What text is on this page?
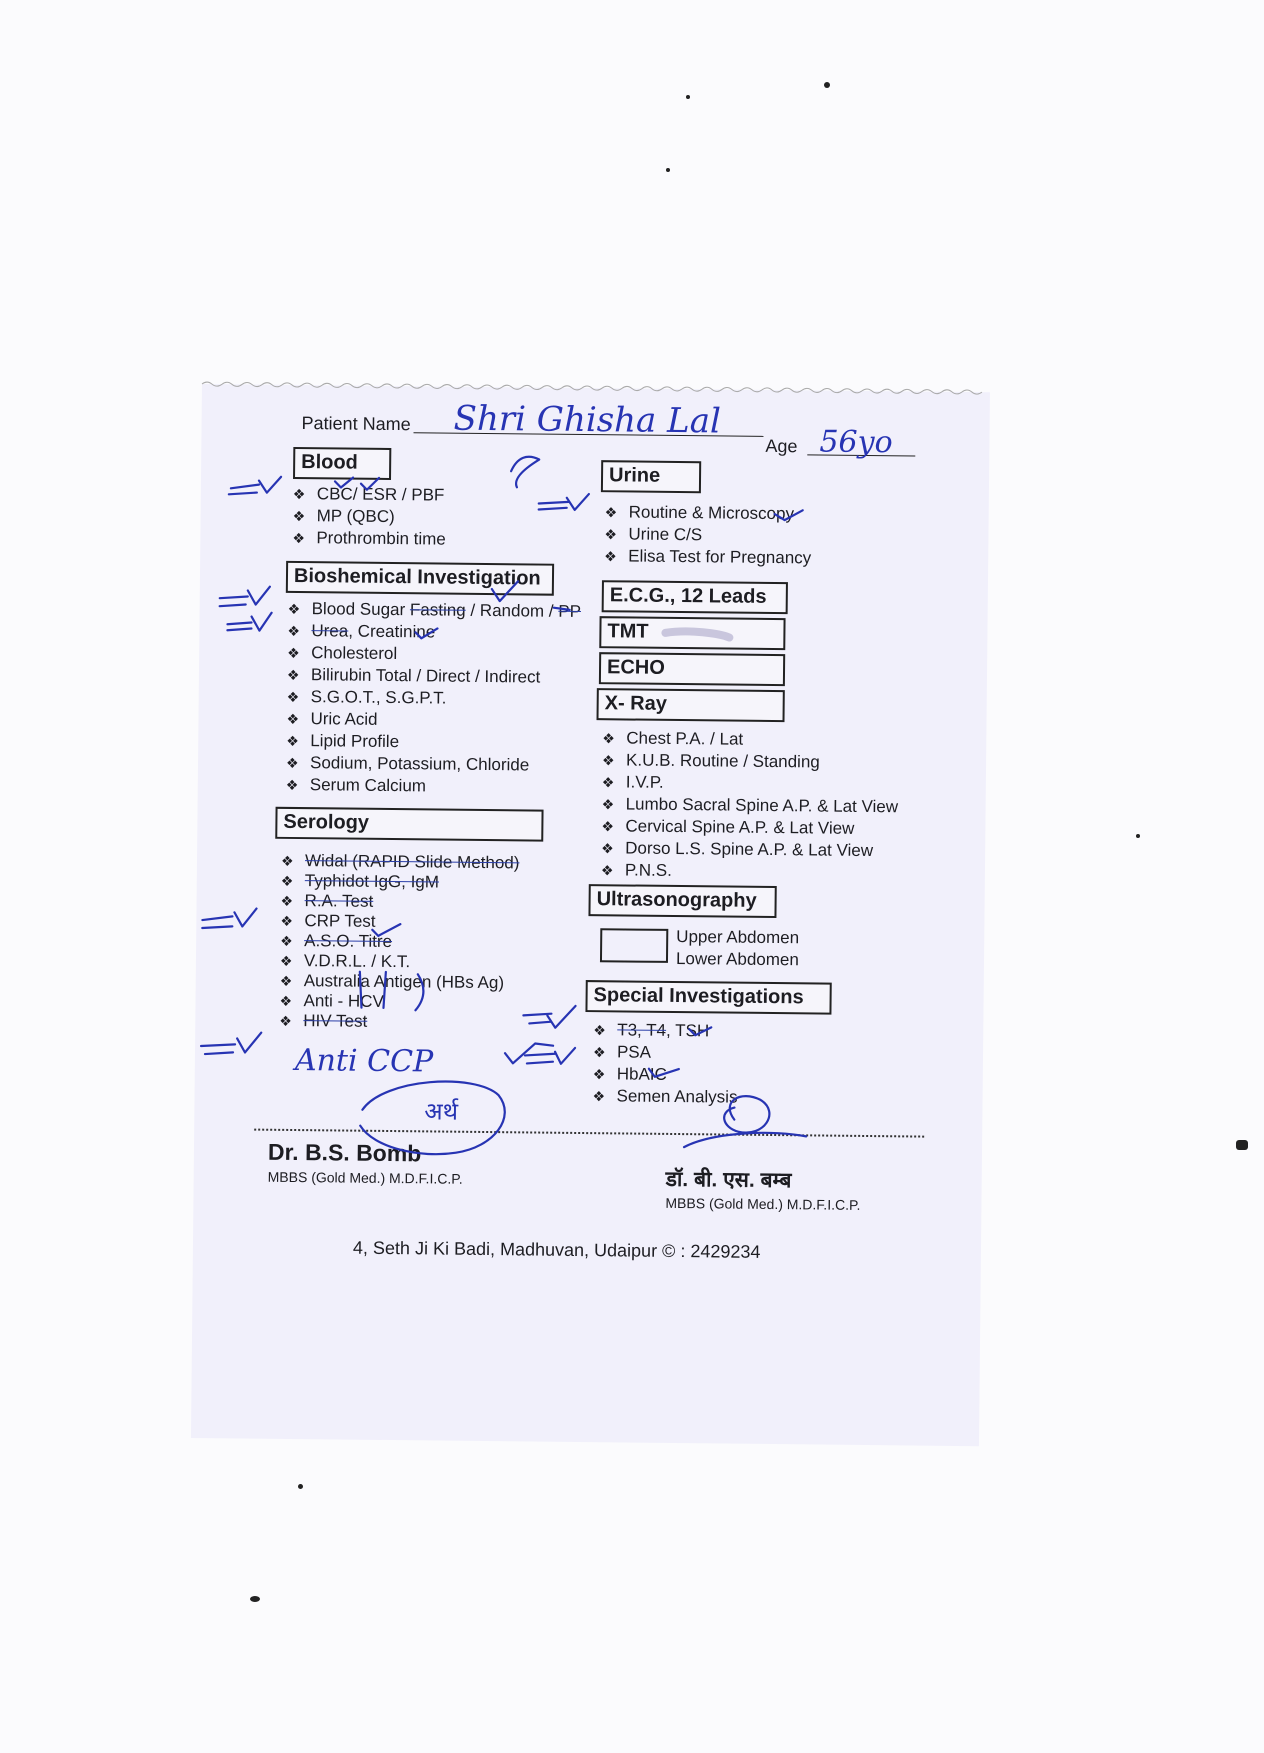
Patient Name Shri Ghisha Lal
Age 56yo
Blood
❖ CBC/ ESR / PBF
❖ MP (QBC)
❖ Prothrombin time
Urine
❖ Routine & Microscopy
❖ Urine C/S
❖ Elisa Test for Pregnancy
Bioshemical Investigation
❖ Blood Sugar Fasting / Random / PP
❖ Urea, Creatinine
❖ Cholesterol
❖ Bilirubin Total / Direct / Indirect
❖ S.G.O.T., S.G.P.T.
❖ Uric Acid
❖ Lipid Profile
❖ Sodium, Potassium, Chloride
❖ Serum Calcium
E.C.G., 12 Leads
TMT
ECHO
X- Ray
❖ Chest P.A. / Lat
❖ K.U.B. Routine / Standing
❖ I.V.P.
❖ Lumbo Sacral Spine A.P. & Lat View
❖ Cervical Spine A.P. & Lat View
❖ Dorso L.S. Spine A.P. & Lat View
❖ P.N.S.
Serology
❖ Widal (RAPID Slide Method)
❖ Typhidot IgG, IgM
❖ R.A. Test
❖ CRP Test
❖ A.S.O. Titre
❖ V.D.R.L. / K.T.
❖ Australia Antigen (HBs Ag)
❖ Anti - HCV
❖ HIV Test
Anti CCP
Ultrasonography
Upper Abdomen
Lower Abdomen
Special Investigations
❖ T3, T4, TSH
❖ PSA
❖ HbAIC
❖ Semen Analysis
Dr. B.S. Bomb
MBBS (Gold Med.) M.D.F.I.C.P.	डॉ. बी. एस. बम्ब
MBBS (Gold Med.) M.D.F.I.C.P.
4, Seth Ji Ki Badi, Madhuvan, Udaipur © : 2429234
अर्थ
